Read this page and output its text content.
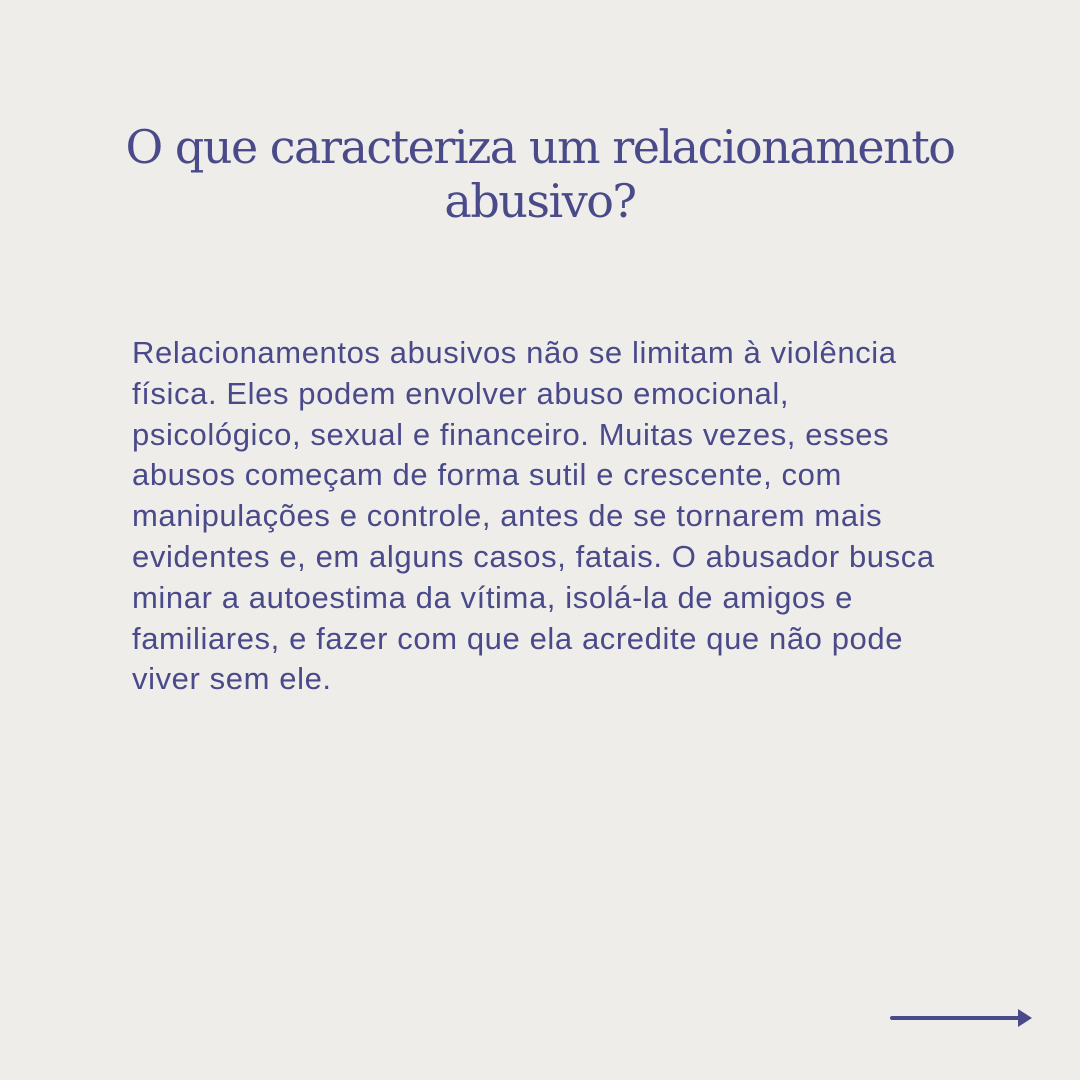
O que caracteriza um relacionamento abusivo?

Relacionamentos abusivos não se limitam à violência física. Eles podem envolver abuso emocional, psicológico, sexual e financeiro. Muitas vezes, esses abusos começam de forma sutil e crescente, com manipulações e controle, antes de se tornarem mais evidentes e, em alguns casos, fatais. O abusador busca minar a autoestima da vítima, isolá-la de amigos e familiares, e fazer com que ela acredite que não pode viver sem ele.
